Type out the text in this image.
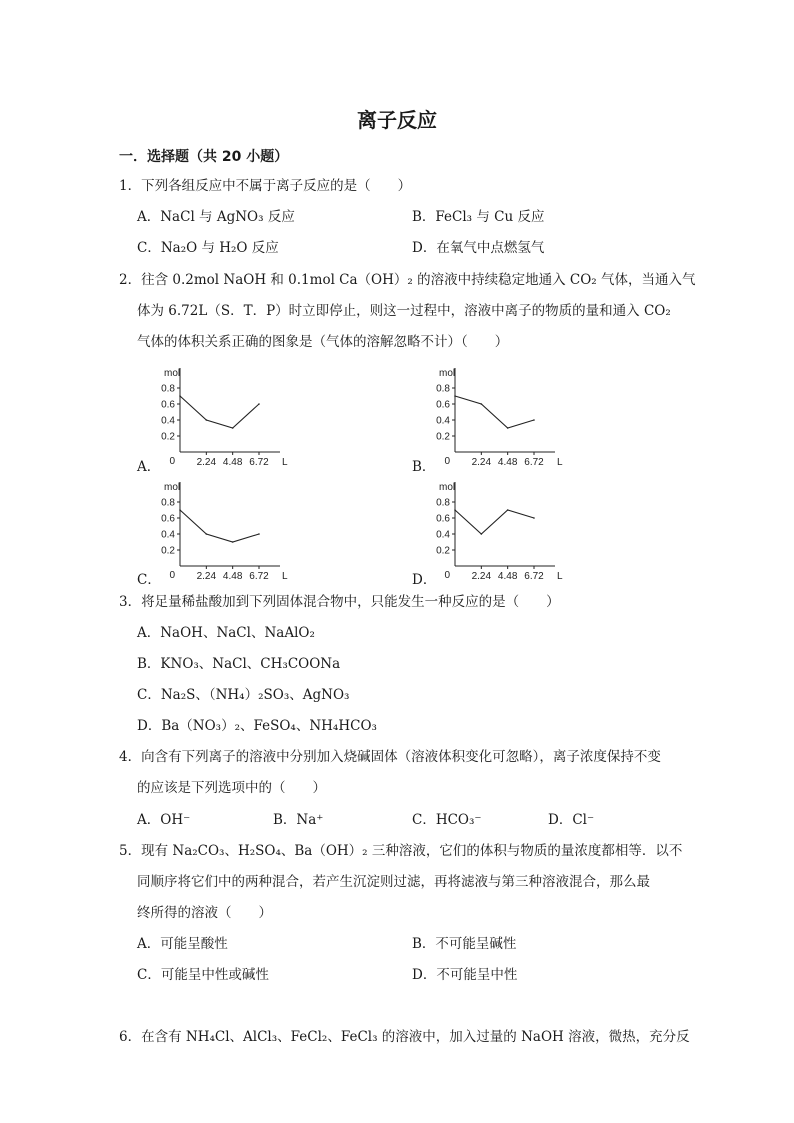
离子反应
一．选择题（共 20 小题）
1．下列各组反应中不属于离子反应的是（　　）
A．NaCl 与 AgNO₃ 反应	B．FeCl₃ 与 Cu 反应
C．Na₂O 与 H₂O 反应	D．在氧气中点燃氢气
2．往含 0.2mol NaOH 和 0.1mol Ca（OH）₂ 的溶液中持续稳定地通入 CO₂ 气体，当通入气
体为 6.72L（S．T．P）时立即停止，则这一过程中，溶液中离子的物质的量和通入 CO₂
气体的体积关系正确的图象是（气体的溶解忽略不计）（　　）
A．	B．
C．	D．
mol
0.8
0.6
0.4
0.2
0 2.24 4.48 6.72 L
mol
0.8
0.6
0.4
0.2
0 2.24 4.48 6.72 L
mol
0.8
0.6
0.4
0.2
0 2.24 4.48 6.72 L
mol
0.8
0.6
0.4
0.2
0 2.24 4.48 6.72 L
3．将足量稀盐酸加到下列固体混合物中，只能发生一种反应的是（　　）
A．NaOH、NaCl、NaAlO₂
B．KNO₃、NaCl、CH₃COONa
C．Na₂S、（NH₄）₂SO₃、AgNO₃
D．Ba（NO₃）₂、FeSO₄、NH₄HCO₃
4．向含有下列离子的溶液中分别加入烧碱固体（溶液体积变化可忽略），离子浓度保持不变
的应该是下列选项中的（　　）
A．OH⁻	B．Na⁺	C．HCO₃⁻	D．Cl⁻
5．现有 Na₂CO₃、H₂SO₄、Ba（OH）₂ 三种溶液，它们的体积与物质的量浓度都相等．以不
同顺序将它们中的两种混合，若产生沉淀则过滤，再将滤液与第三种溶液混合，那么最
终所得的溶液（　　）
A．可能呈酸性	B．不可能呈碱性
C．可能呈中性或碱性	D．不可能呈中性
6．在含有 NH₄Cl、AlCl₃、FeCl₂、FeCl₃ 的溶液中，加入过量的 NaOH 溶液，微热，充分反
